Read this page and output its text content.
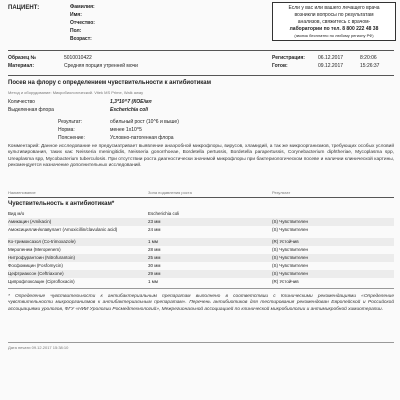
ПАЦИЕНТ:	Фамилия:
Имя:
Отчество:
Пол:
Возраст:
Если у вас или вашего лечащего врача
возникли вопросы по результатам
анализов, свяжитесь с врачом-
лаборатории по тел. 8 800 222 48 38
(звонок бесплатно по любому региону РФ)
Образец №	5010010422
Материал:	Средняя порция утренней мочи
Регистрация:	06.12.2017	8:20:06
Готов:	09.12.2017	15:26:37
Посев на флору с определением чувствительности к антибиотикам
Метод и оборудование: Микробиологический. Vitek MS Prime, Walk away
Количество	1,3*10^7 (КОЕ/мл
Выделенная флора	Escherichia coli
Результат:	обильный рост (10^6 и выше)
Норма:	менее 1x10^5
Пояснение:	Условно-патогенная флора
Комментарий: Данное исследование не предусматривает выявление анаэробной микрофлоры, вирусов, хламидий, а так же микроорганизмов, требующих особых условий культивирования, таких как: Neisseria meningitidis, Neisseria gonorrhoeae, Bordetella pertussis, Bordetella parapertussis, Corynebacterium diphtheriae, Mycoplasma spp, Ureaplasma spp, Mycobacterium tuberculosis. При отсутствии роста диагностически значимой микрофлоры при бактериологическом посеве и наличии клинической картины, рекомендуется назначение дополнительных исследований.
Наименование	Зона подавления роста	Результат
Чувствительность к антибиотикам*
Вид м/о	Escherichia coli
Амикацин (Amikacin)	23 мм	(S) Чувствителен
Амоксициллин/клавулант (Amoxicillin/clavulanic acid)	24 мм	(S) Чувствителен
Ко-тримоксазол (Co-trimoxazole)	1 мм	(R) Устойчив
Меропенем (Meropenem)	28 мм	(S) Чувствителен
Нитрофурантоин (Nitrofurantoin)	25 мм	(S) Чувствителен
Фосфомицин (Fosfomycin)	30 мм	(S) Чувствителен
Цефтриаксон (Ceftriaxone)	29 мм	(S) Чувствителен
Ципрофлоксацин (Ciprofloxacin)	1 мм	(R) Устойчив
* Определение чувствительности к антибактериальным препаратам выполнено в соответствии с Клиническими рекомендациями «Определение чувствительности микроорганизмов к антибактериальным препаратам». Перечень антибиотиков для тестирования рекомендован Европейской и Российской ассоциациями урологов, ФГУ «НИИ Урологии Росмедтехнологий», Межрегиональной ассоциацией по клинической микробиологии и антимикробной химиотерапии.
Дата печати 09.12.2017 15:38:10
